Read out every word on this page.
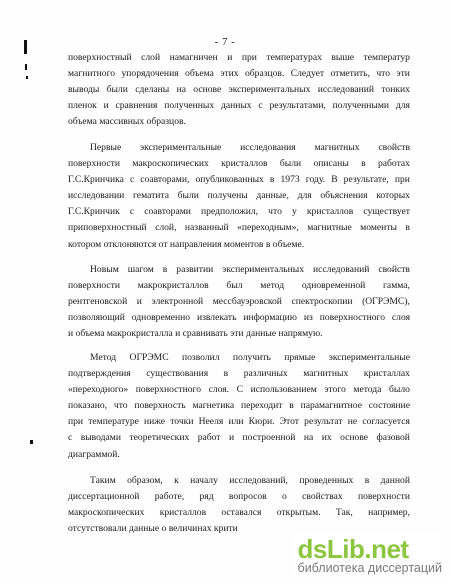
- 7 -
поверхностный слой намагничен и при температурах выше температур
магнитного упорядочения объема этих образцов. Следует отметить, что эти
выводы были сделаны на основе экспериментальных исследований тонких
пленок и сравнения полученных данных с результатами, полученными для
объема массивных образцов.
Первые экспериментальные исследования магнитных свойств
поверхности макроскопических кристаллов были описаны в работах
Г.С.Кринчика с соавторами, опубликованных в 1973 году. В результате, при
исследовании гематита были получены данные, для объяснения которых
Г.С.Кринчик с соавторами предположил, что у кристаллов существует
приповерхностный слой, названный «переходным», магнитные моменты в
котором отклоняются от направления моментов в объеме.
Новым шагом в развитии экспериментальных исследований свойств
поверхности макрокристаллов был метод одновременной гамма,
рентгеновской и электронной мессбауэровской спектроскопии (ОГРЭМС),
позволяющий одновременно извлекать информацию из поверхностного слоя
и объема макрокристалла и сравнивать эти данные напрямую.
Метод ОГРЭМС позволил получить прямые экспериментальные
подтверждения существования в различных магнитных кристаллах
«переходного» поверхностного слоя. С использованием этого метода было
показано, что поверхность магнетика переходит в парамагнитное состояние
при температуре ниже точки Нееля или Кюри. Этот результат не согласуется
с выводами теоретических работ и построенной на их основе фазовой
диаграммой.
Таким образом, к началу исследований, проведенных в данной
диссертационной работе, ряд вопросов о свойствах поверхности
макроскопических кристаллов оставался открытым. Так, например,
отсутствовали данные о величинах крити
dsLib.net
библиотека диссертаций
